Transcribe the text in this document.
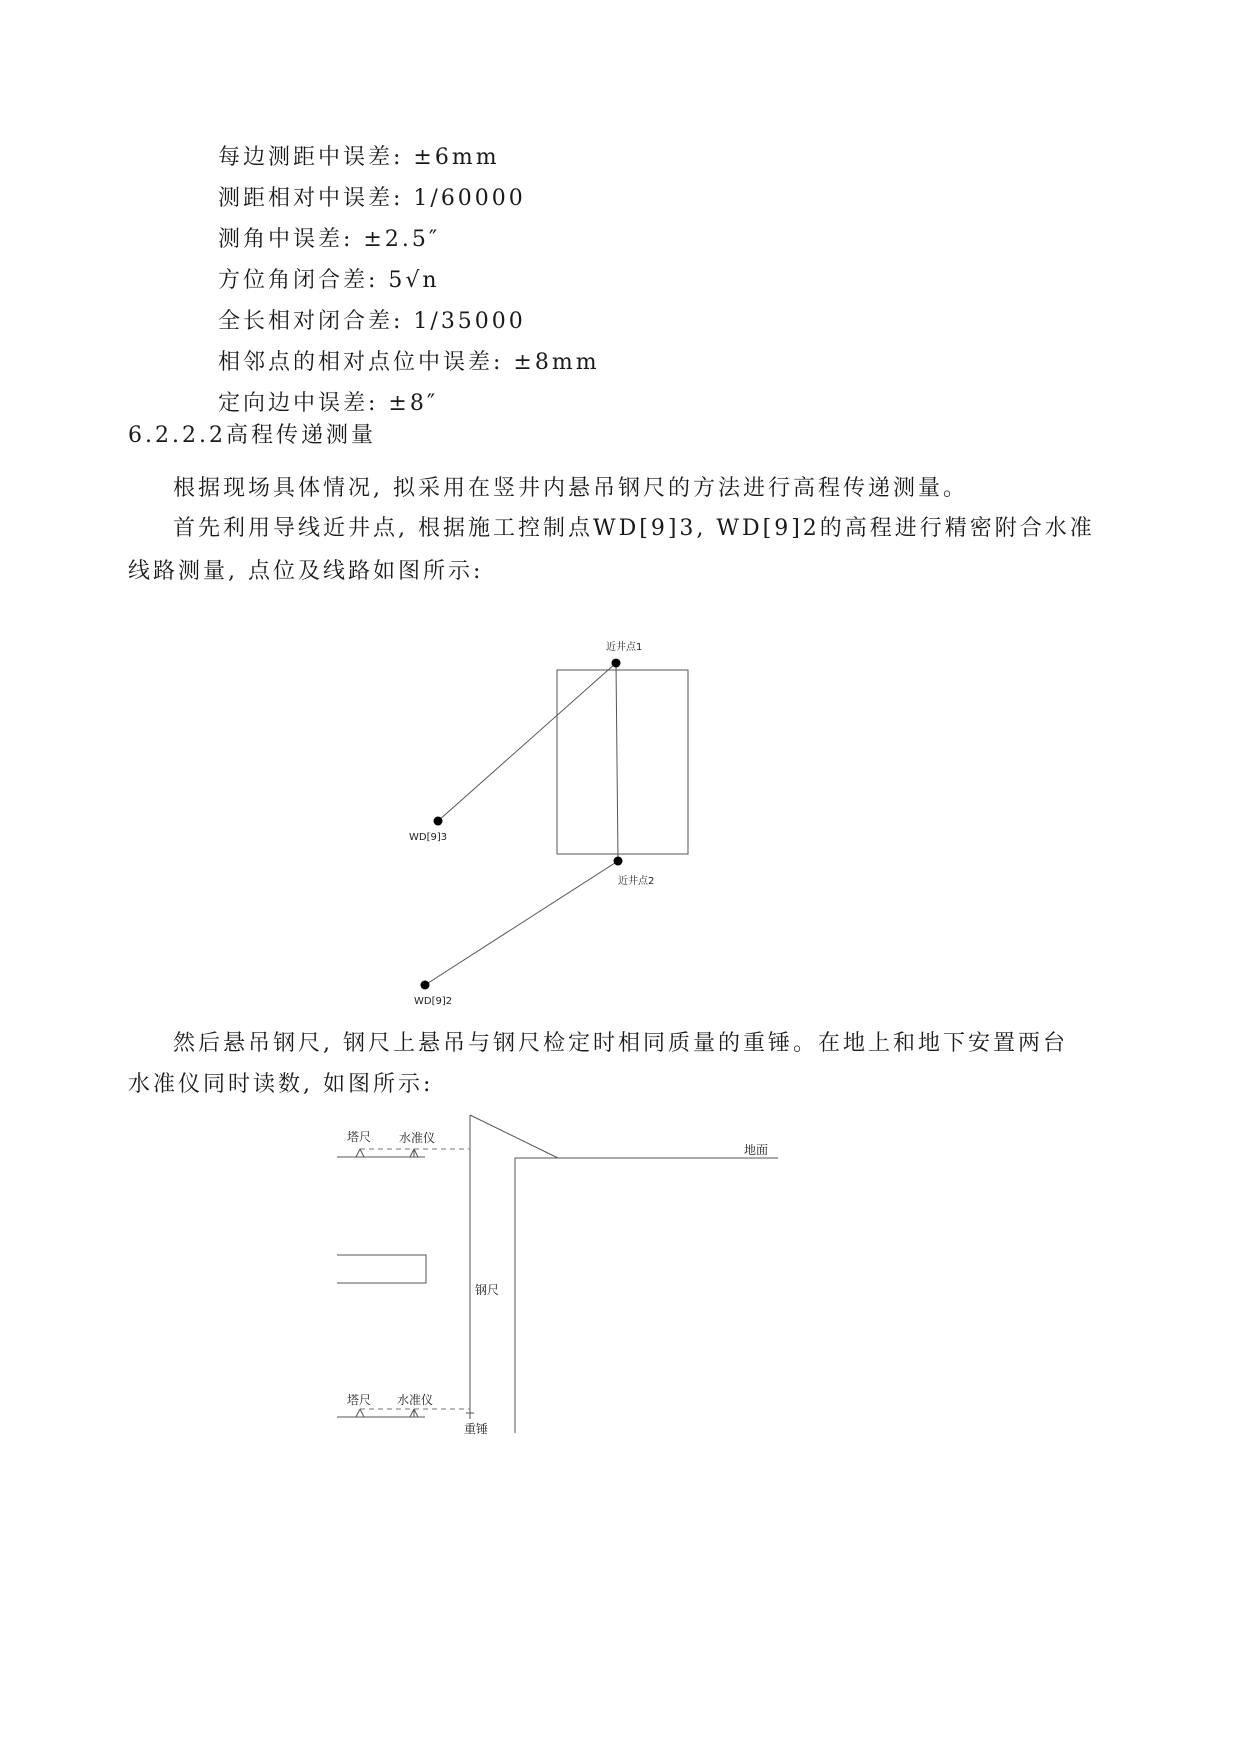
每边测距中误差: ±6mm
测距相对中误差: 1/60000
测角中误差: ±2.5″
方位角闭合差: 5√n
全长相对闭合差: 1/35000
相邻点的相对点位中误差: ±8mm
定向边中误差: ±8″
6.2.2.2高程传递测量
根据现场具体情况, 拟采用在竖井内悬吊钢尺的方法进行高程传递测量。
首先利用导线近井点, 根据施工控制点WD[9]3, WD[9]2的高程进行精密附合水准
线路测量, 点位及线路如图所示:
近井点1
近井点2
WD[9]3
WD[9]2
然后悬吊钢尺, 钢尺上悬吊与钢尺检定时相同质量的重锤。在地上和地下安置两台
水准仪同时读数, 如图所示:
塔尺 水准仪
地面
钢尺
塔尺 水准仪
重锤
